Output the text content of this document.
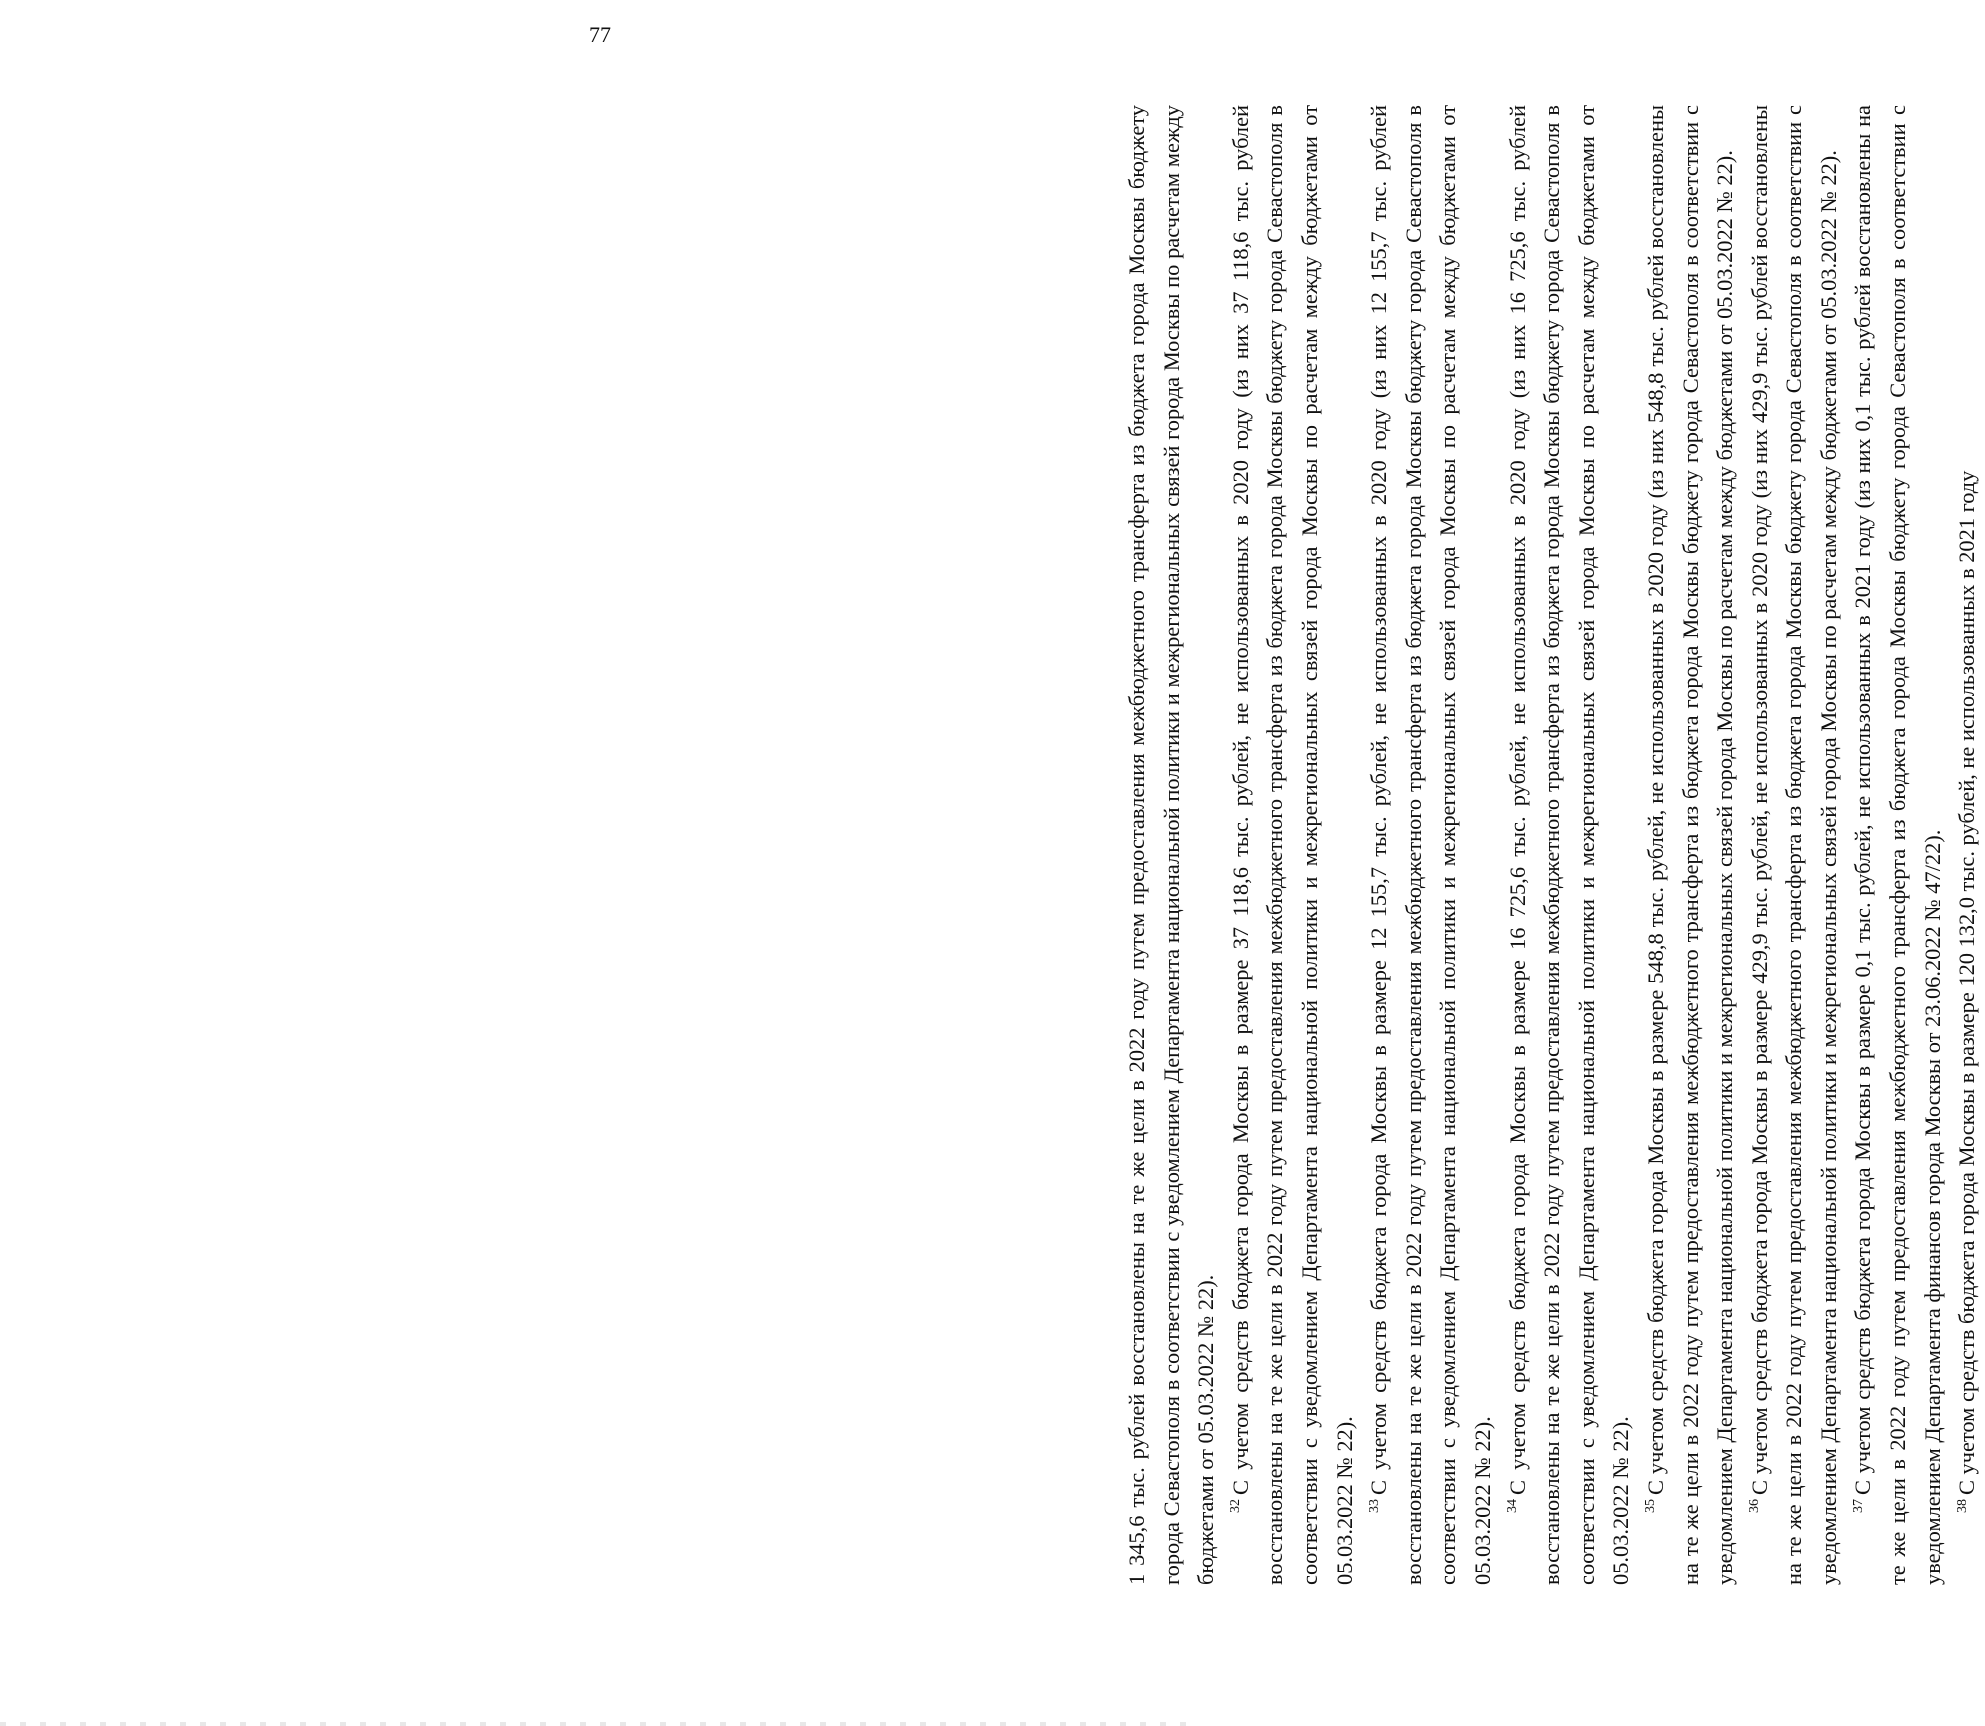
77

1 345,6 тыс. рублей восстановлены на те же цели в 2022 году путем предоставления межбюджетного трансферта из бюджета города Москвы бюджету города Севастополя в соответствии с уведомлением Департамента национальной политики и межрегиональных связей города Москвы по расчетам между бюджетами от 05.03.2022 № 22). $^{32}$С учетом средств бюджета города Москвы в размере 37 118,6 тыс. рублей, не использованных в 2020 году (из них 37 118,6 тыс. рублей восстановлены на те же цели в 2022 году путем предоставления межбюджетного трансферта из бюджета города Москвы бюджету города Севастополя в соответствии с уведомлением Департамента национальной политики и межрегиональных связей города Москвы по расчетам между бюджетами от 05.03.2022 № 22). $^{33}$С учетом средств бюджета города Москвы в размере 12 155,7 тыс. рублей, не использованных в 2020 году (из них 12 155,7 тыс. рублей восстановлены на те же цели в 2022 году путем предоставления межбюджетного трансферта из бюджета города Москвы бюджету города Севастополя в соответствии с уведомлением Департамента национальной политики и межрегиональных связей города Москвы по расчетам между бюджетами от 05.03.2022 № 22). $^{34}$С учетом средств бюджета города Москвы в размере 16 725,6 тыс. рублей, не использованных в 2020 году (из них 16 725,6 тыс. рублей восстановлены на те же цели в 2022 году путем предоставления межбюджетного трансферта из бюджета города Москвы бюджету города Севастополя в соответствии с уведомлением Департамента национальной политики и межрегиональных связей города Москвы по расчетам между бюджетами от 05.03.2022 № 22). $^{35}$С учетом средств бюджета города Москвы в размере 548,8 тыс. рублей, не использованных в 2020 году (из них 548,8 тыс. рублей восстановлены на те же цели в 2022 году путем предоставления межбюджетного трансферта из бюджета города Москвы бюджету города Севастополя в соответствии с уведомлением Департамента национальной политики и межрегиональных связей города Москвы по расчетам между бюджетами от 05.03.2022 № 22). $^{36}$С учетом средств бюджета города Москвы в размере 429,9 тыс. рублей, не использованных в 2020 году (из них 429,9 тыс. рублей восстановлены на те же цели в 2022 году путем предоставления межбюджетного трансферта из бюджета города Москвы бюджету города Севастополя в соответствии с уведомлением Департамента национальной политики и межрегиональных связей города Москвы по расчетам между бюджетами от 05.03.2022 № 22). $^{37}$С учетом средств бюджета города Москвы в размере 0,1 тыс. рублей, не использованных в 2021 году (из них 0,1 тыс. рублей восстановлены на те же цели в 2022 году путем предоставления межбюджетного трансферта из бюджета города Москвы бюджету города Севастополя в соответствии с уведомлением Департамента финансов города Москвы от 23.06.2022 № 47/22). $^{38}$С учетом средств бюджета города Москвы в размере 120 132,0 тыс. рублей, не использованных в 2021 году
